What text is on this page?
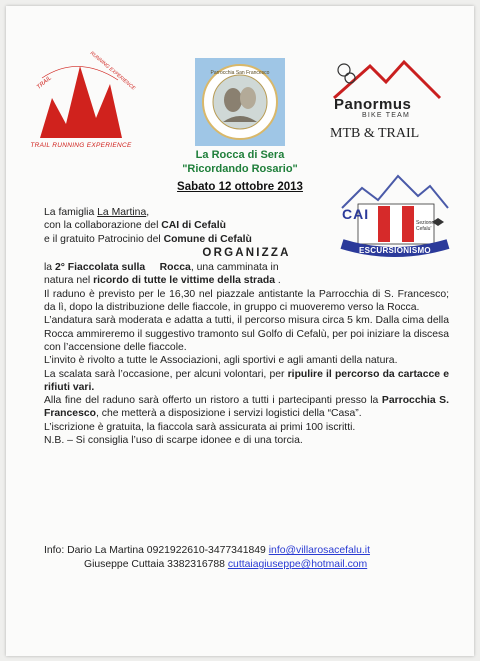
TRAIL	RUNNING EXPERIENCE
TRAIL RUNNING EXPERIENCE
Parrocchia San Francesco
Panormus
BIKE TEAM
MTB & TRAIL
La Rocca di Sera
"Ricordando Rosario"
Sabato 12 ottobre 2013
CAI
Sezione di Cefalu'
ESCURSIONISMO
La famiglia La Martina,
con la collaborazione del CAI di Cefalù
e il gratuito Patrocinio del Comune di Cefalù
ORGANIZZA
la 2° Fiaccolata sulla     Rocca, una camminata in
natura nel ricordo di tutte le vittime della strada .
Il raduno è previsto per le 16,30 nel piazzale antistante la Parrocchia di S. Francesco; da lì, dopo la distribuzione delle fiaccole, in gruppo ci muoveremo verso la Rocca.
L’andatura sarà moderata e adatta a tutti, il percorso misura circa 5 km. Dalla cima della Rocca ammireremo il suggestivo tramonto sul Golfo di Cefalù, per poi iniziare la discesa con l’accensione delle fiaccole.
L’invito è rivolto a tutte le Associazioni, agli sportivi e agli amanti della natura.
La scalata sarà l’occasione, per alcuni volontari, per ripulire il percorso da cartacce e rifiuti vari.
Alla fine del raduno sarà offerto un ristoro a tutti i partecipanti presso la Parrocchia S. Francesco, che metterà a disposizione i servizi logistici della “Casa”.
L’iscrizione è gratuita, la fiaccola sarà assicurata ai primi 100 iscritti.
N.B. – Si consiglia l’uso di scarpe idonee e di una torcia.
Info: Dario La Martina 0921922610-3477341849 info@villarosacefalu.it
Giuseppe Cuttaia 3382316788 cuttaiagiuseppe@hotmail.com
